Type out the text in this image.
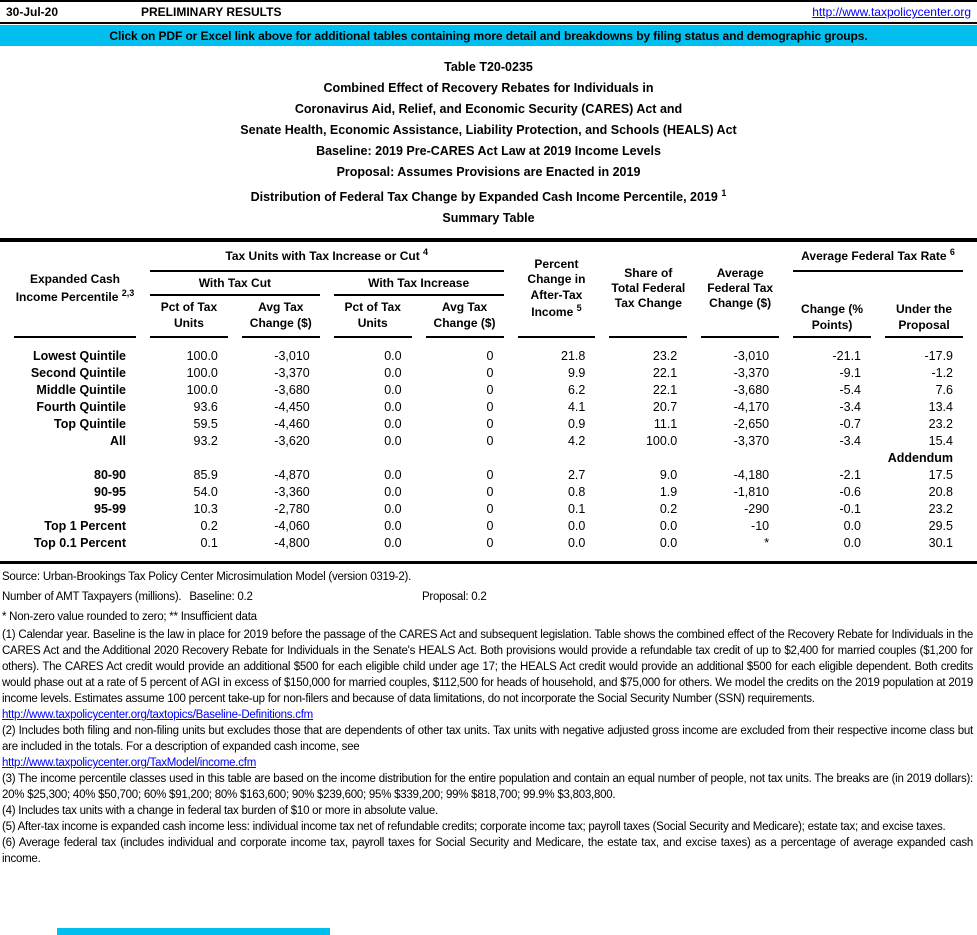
30-Jul-20	PRELIMINARY RESULTS	http://www.taxpolicycenter.org
Click on PDF or Excel link above for additional tables containing more detail and breakdowns by filing status and demographic groups.
Table T20-0235
Combined Effect of Recovery Rebates for Individuals in
Coronavirus Aid, Relief, and Economic Security (CARES) Act and
Senate Health, Economic Assistance, Liability Protection, and Schools (HEALS) Act
Baseline: 2019 Pre-CARES Act Law at 2019 Income Levels
Proposal: Assumes Provisions are Enacted in 2019
Distribution of Federal Tax Change by Expanded Cash Income Percentile, 2019 $^1$
Summary Table
Expanded Cash Income Percentile $^{2,3}$	Tax Units with Tax Increase or Cut $^4$				Percent Change in After-Tax Income $^5$	Share of Total Federal Tax Change	Average Federal Tax Change ($)	Average Federal Tax Rate $^6$
	With Tax Cut		With Tax Increase					Change (% Points)	Under the Proposal
	Pct of Tax Units	Avg Tax Change ($)	Pct of Tax Units	Avg Tax Change ($)					
Lowest Quintile	100.0	-3,010	0.0	0	21.8	23.2	-3,010	-21.1	-17.9
Second Quintile	100.0	-3,370	0.0	0	9.9	22.1	-3,370	-9.1	-1.2
Middle Quintile	100.0	-3,680	0.0	0	6.2	22.1	-3,680	-5.4	7.6
Fourth Quintile	93.6	-4,450	0.0	0	4.1	20.7	-4,170	-3.4	13.4
Top Quintile	59.5	-4,460	0.0	0	0.9	11.1	-2,650	-0.7	23.2
All	93.2	-3,620	0.0	0	4.2	100.0	-3,370	-3.4	15.4
Addendum									
80-90	85.9	-4,870	0.0	0	2.7	9.0	-4,180	-2.1	17.5
90-95	54.0	-3,360	0.0	0	0.8	1.9	-1,810	-0.6	20.8
95-99	10.3	-2,780	0.0	0	0.1	0.2	-290	-0.1	23.2
Top 1 Percent	0.2	-4,060	0.0	0	0.0	0.0	-10	0.0	29.5
Top 0.1 Percent	0.1	-4,800	0.0	0	0.0	0.0	*	0.0	30.1
Source: Urban-Brookings Tax Policy Center Microsimulation Model (version 0319-2).
Number of AMT Taxpayers (millions). Baseline: 0.2	Proposal: 0.2
* Non-zero value rounded to zero; ** Insufficient data

(1) Calendar year. Baseline is the law in place for 2019 before the passage of the CARES Act and subsequent legislation. Table shows the combined effect of the Recovery Rebate for Individuals in the CARES Act and the Additional 2020 Recovery Rebate for Individuals in the Senate's HEALS Act. Both provisions would provide a refundable tax credit of up to $2,400 for married couples ($1,200 for others). The CARES Act credit would provide an additional $500 for each eligible child under age 17; the HEALS Act credit would provide an additional $500 for each eligible dependent. Both credits would phase out at a rate of 5 percent of AGI in excess of $150,000 for married couples, $112,500 for heads of household, and $75,000 for others. We model the credits on the 2019 population at 2019 income levels. Estimates assume 100 percent take-up for non-filers and because of data limitations, do not incorporate the Social Security Number (SSN) requirements.

http://www.taxpolicycenter.org/taxtopics/Baseline-Definitions.cfm

(2) Includes both filing and non-filing units but excludes those that are dependents of other tax units. Tax units with negative adjusted gross income are excluded from their respective income class but are included in the totals. For a description of expanded cash income, see

http://www.taxpolicycenter.org/TaxModel/income.cfm

(3) The income percentile classes used in this table are based on the income distribution for the entire population and contain an equal number of people, not tax units. The breaks are (in 2019 dollars): 20% $25,300; 40% $50,700; 60% $91,200; 80% $163,600; 90% $239,600; 95% $339,200; 99% $818,700; 99.9% $3,803,800.

(4) Includes tax units with a change in federal tax burden of $10 or more in absolute value.

(5) After-tax income is expanded cash income less: individual income tax net of refundable credits; corporate income tax; payroll taxes (Social Security and Medicare); estate tax; and excise taxes.

(6) Average federal tax (includes individual and corporate income tax, payroll taxes for Social Security and Medicare, the estate tax, and excise taxes) as a percentage of average expanded cash income.
